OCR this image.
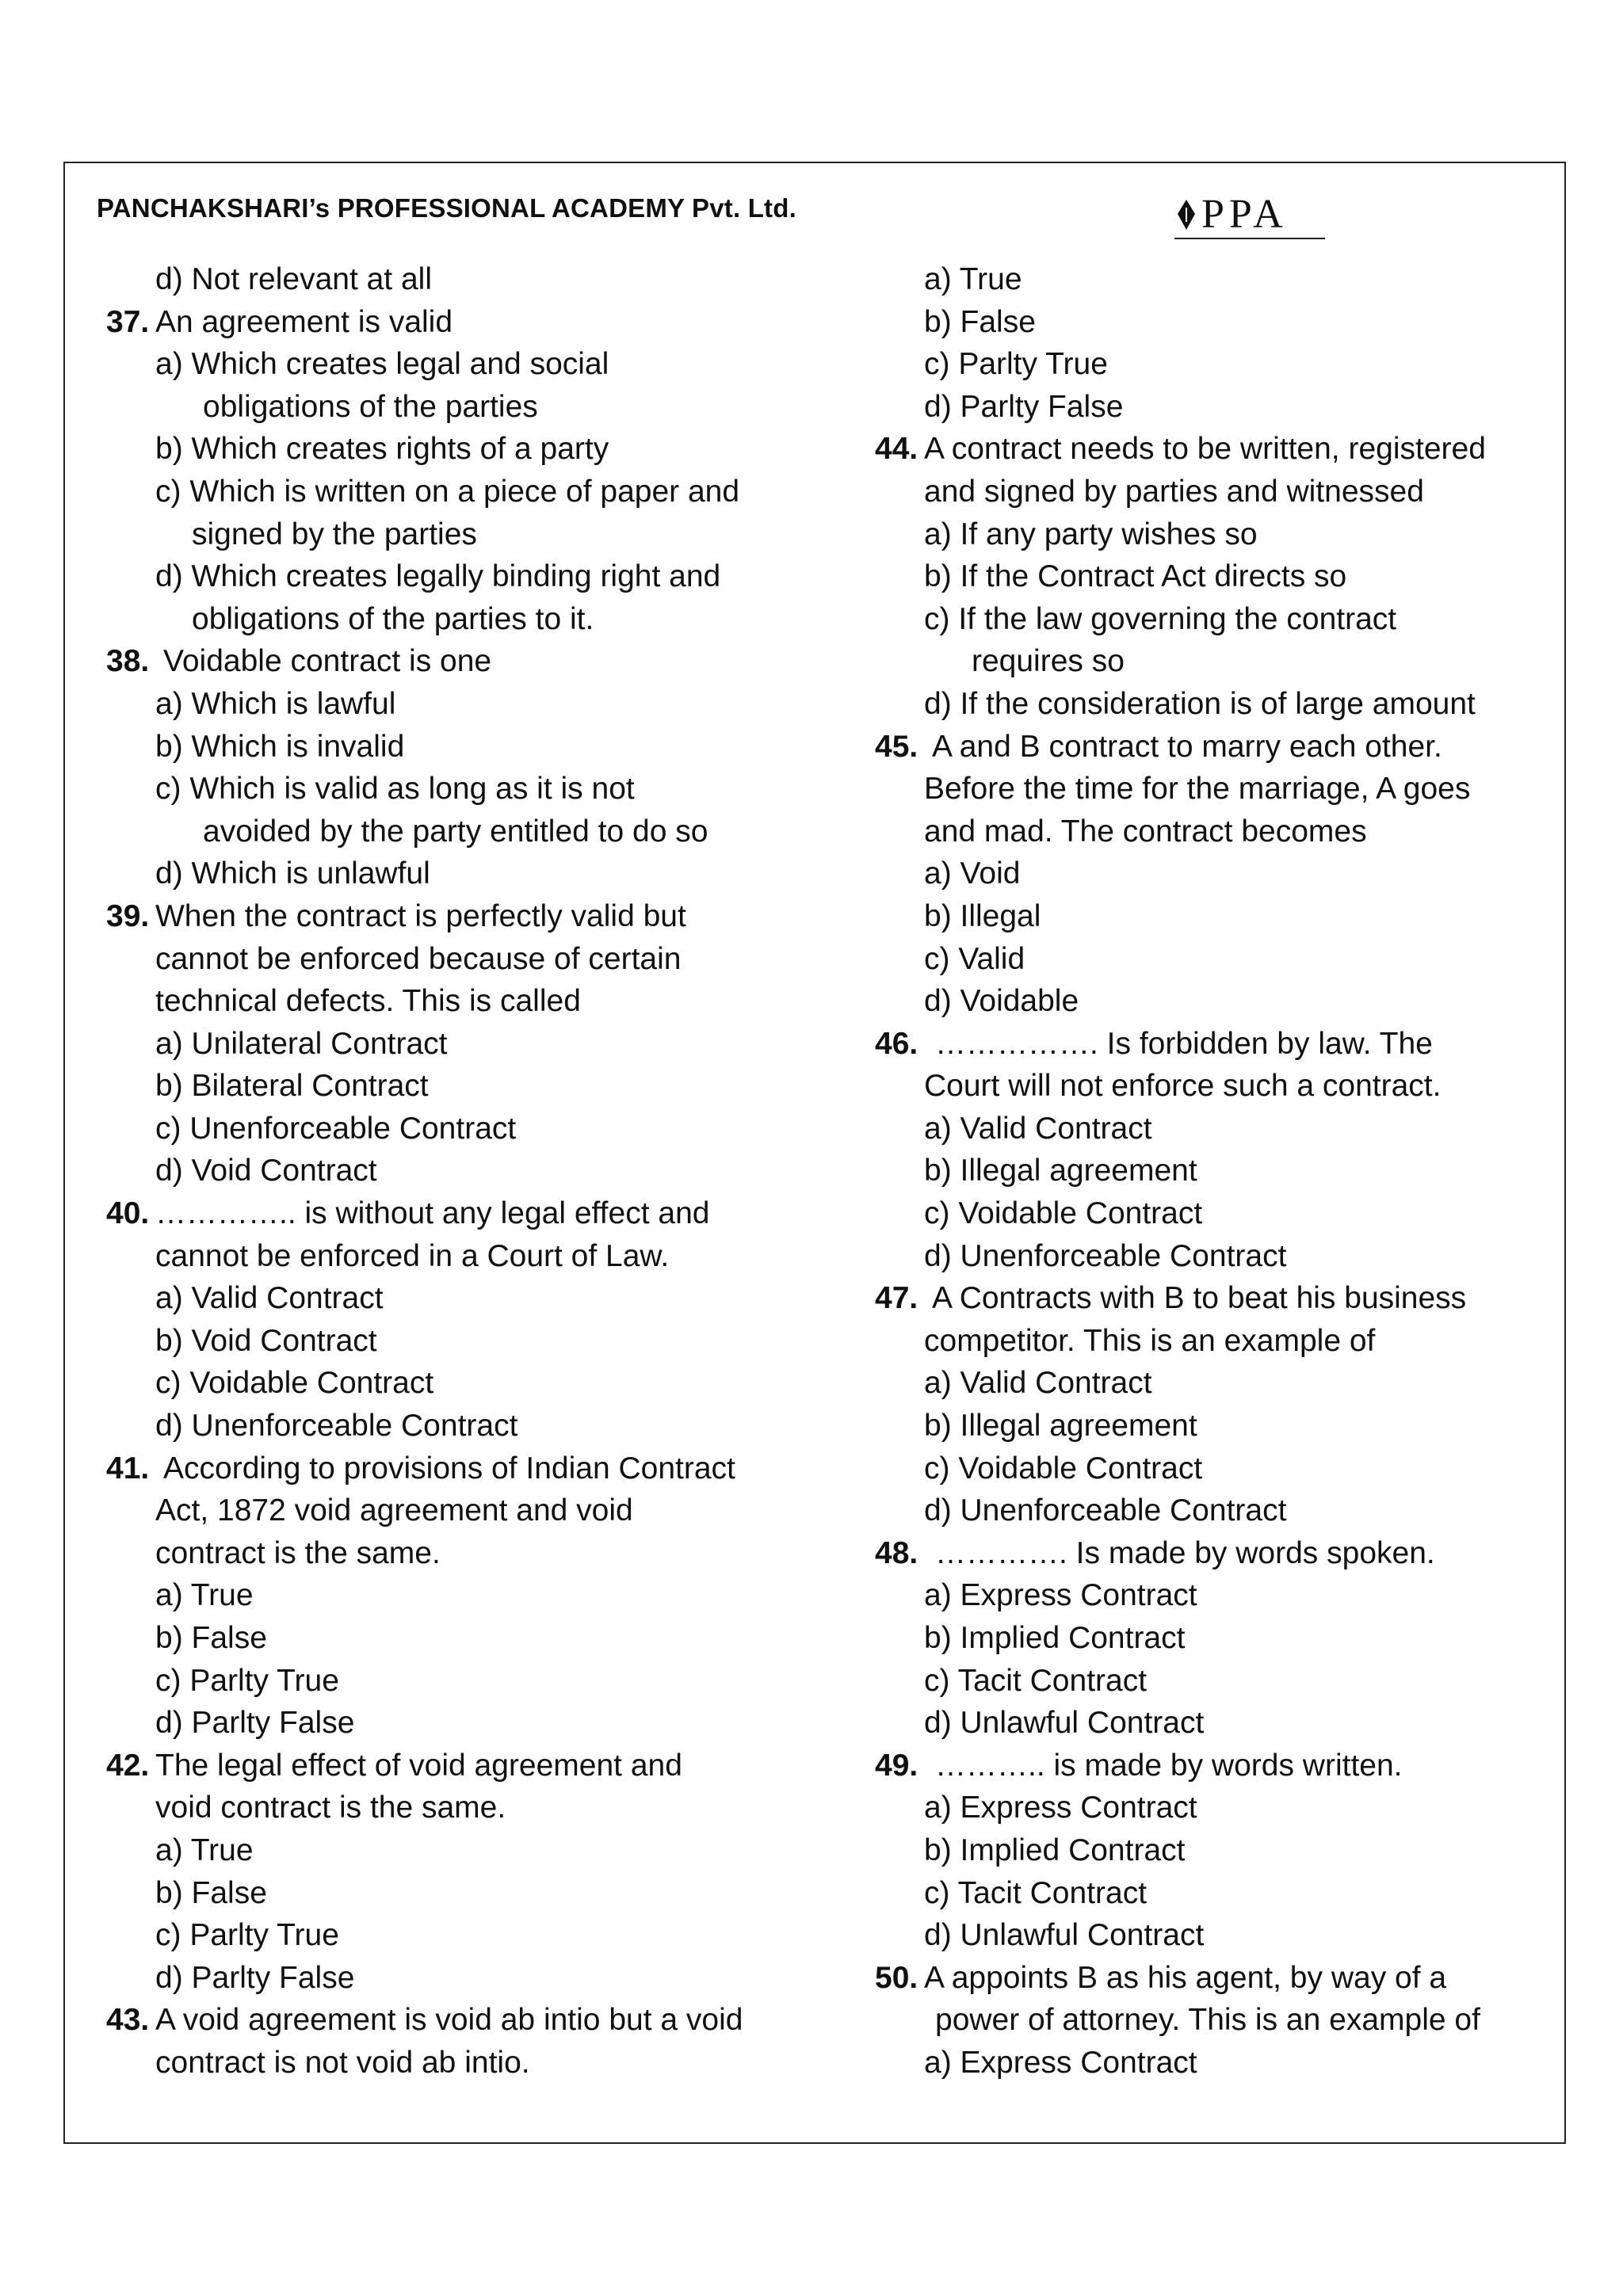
PANCHAKSHARI’s PROFESSIONAL ACADEMY Pvt. Ltd.	PPA
d) Not relevant at all
37. An agreement is valid
a) Which creates legal and social
obligations of the parties
b) Which creates rights of a party
c) Which is written on a piece of paper and
signed by the parties
d) Which creates legally binding right and
obligations of the parties to it.
38. Voidable contract is one
a) Which is lawful
b) Which is invalid
c) Which is valid as long as it is not
avoided by the party entitled to do so
d) Which is unlawful
39. When the contract is perfectly valid but
cannot be enforced because of certain
technical defects. This is called
a) Unilateral Contract
b) Bilateral Contract
c) Unenforceable Contract
d) Void Contract
40. ………….. is without any legal effect and
cannot be enforced in a Court of Law.
a) Valid Contract
b) Void Contract
c) Voidable Contract
d) Unenforceable Contract
41. According to provisions of Indian Contract
Act, 1872 void agreement and void
contract is the same.
a) True
b) False
c) Parlty True
d) Parlty False
42. The legal effect of void agreement and
void contract is the same.
a) True
b) False
c) Parlty True
d) Parlty False
43. A void agreement is void ab intio but a void
contract is not void ab intio.
a) True
b) False
c) Parlty True
d) Parlty False
44. A contract needs to be written, registered
and signed by parties and witnessed
a) If any party wishes so
b) If the Contract Act directs so
c) If the law governing the contract
requires so
d) If the consideration is of large amount
45. A and B contract to marry each other.
Before the time for the marriage, A goes
and mad. The contract becomes
a) Void
b) Illegal
c) Valid
d) Voidable
46. ……………. Is forbidden by law. The
Court will not enforce such a contract.
a) Valid Contract
b) Illegal agreement
c) Voidable Contract
d) Unenforceable Contract
47. A Contracts with B to beat his business
competitor. This is an example of
a) Valid Contract
b) Illegal agreement
c) Voidable Contract
d) Unenforceable Contract
48. …………. Is made by words spoken.
a) Express Contract
b) Implied Contract
c) Tacit Contract
d) Unlawful Contract
49. ……….. is made by words written.
a) Express Contract
b) Implied Contract
c) Tacit Contract
d) Unlawful Contract
50. A appoints B as his agent, by way of a
power of attorney. This is an example of
a) Express Contract
